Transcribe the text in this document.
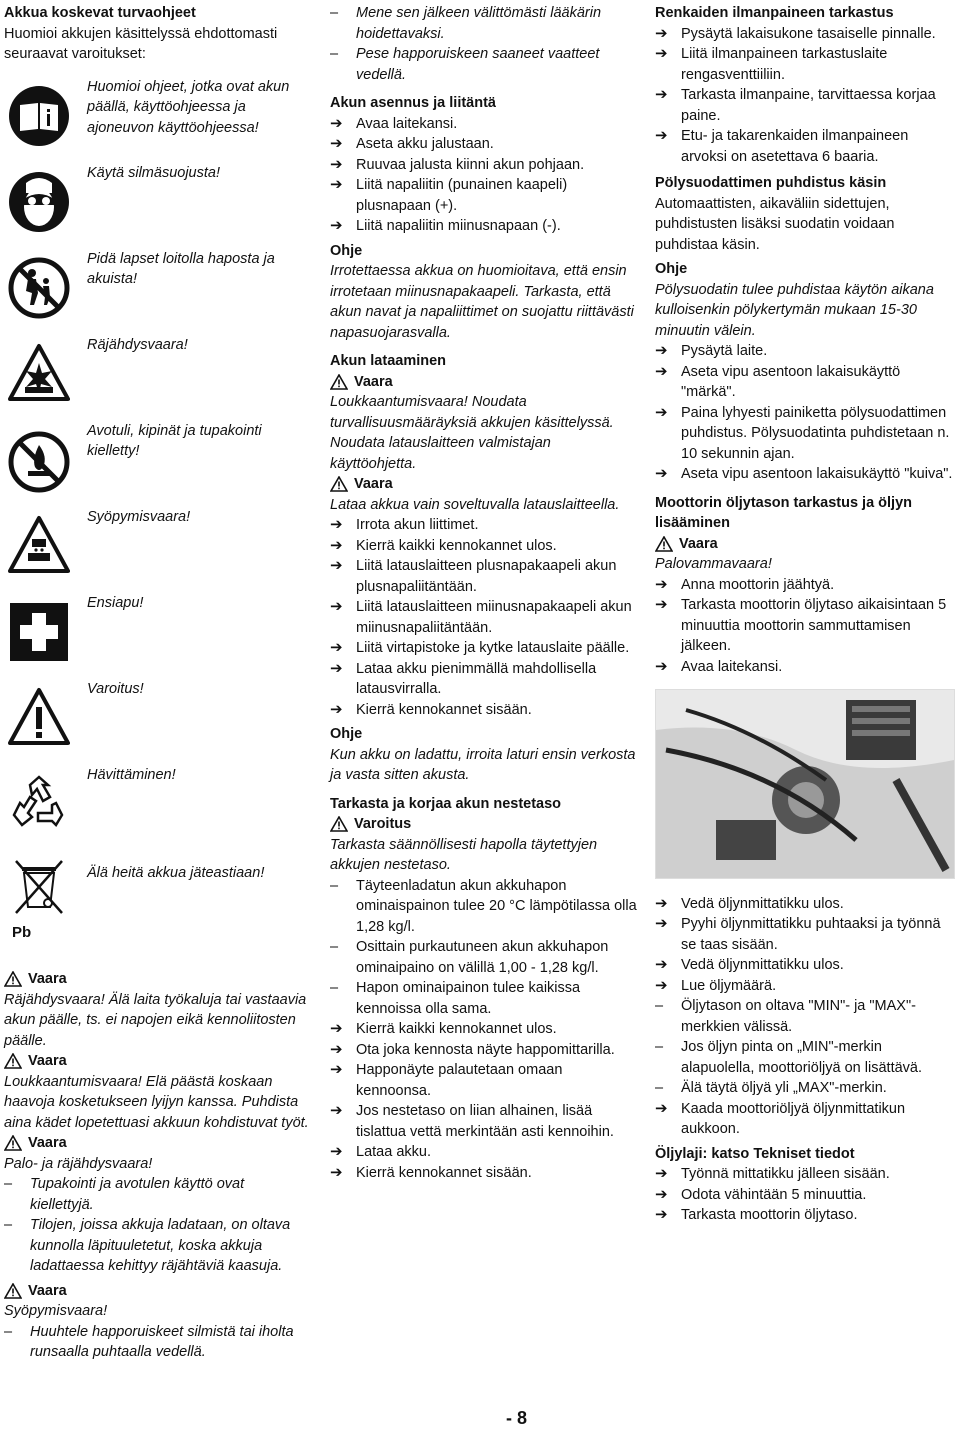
Akkua koskevat turvaohjeet

Huomioi akkujen käsittelyssä ehdottomasti seuraavat varoitukset:

Huomioi ohjeet, jotka ovat akun päällä, käyttöohjeessa ja ajoneuvon käyttöohjeessa!

Käytä silmäsuojusta!

Pidä lapset loitolla haposta ja akuista!

Räjähdysvaara!

Avotuli, kipinät ja tupakointi kielletty!

Syöpymisvaara!

Ensiapu!

Varoitus!

Hävittäminen!

Älä heitä akkua jäteastiaan!

Pb

Vaara

Räjähdysvaara! Älä laita työkaluja tai vastaavia akun päälle, ts. ei napojen eikä kennoliitosten päälle.

Vaara

Loukkaantumisvaara! Elä päästä koskaan haavoja kosketukseen lyijyn kanssa. Puhdista aina kädet lopetettuasi akkuun kohdistuvat työt.

Vaara

Palo- ja räjähdysvaara!

– Tupakointi ja avotulen käyttö ovat kiellettyjä.
– Tilojen, joissa akkuja ladataan, on oltava kunnolla läpituuletetut, koska akkuja ladattaessa kehittyy räjähtäviä kaasuja.

Vaara

Syöpymisvaara!

– Huuhtele happoruiskeet silmistä tai iholta runsaalla puhtaalla vedellä.
– Mene sen jälkeen välittömästi lääkärin hoidettavaksi.
– Pese happoruiskeen saaneet vaatteet vedellä.

Akun asennus ja liitäntä

➔ Avaa laitekansi.
➔ Aseta akku jalustaan.
➔ Ruuvaa jalusta kiinni akun pohjaan.
➔ Liitä napaliitin (punainen kaapeli) plusnapaan (+).
➔ Liitä napaliitin miinusnapaan (-).

Ohje

Irrotettaessa akkua on huomioitava, että ensin irrotetaan miinusnapakaapeli. Tarkasta, että akun navat ja napaliittimet on suojattu riittävästi napasuojarasvalla.

Akun lataaminen

Vaara

Loukkaantumisvaara! Noudata turvallisuusmääräyksiä akkujen käsittelyssä. Noudata latauslaitteen valmistajan käyttöohjetta.

Vaara

Lataa akkua vain soveltuvalla latauslaitteella.

➔ Irrota akun liittimet.
➔ Kierrä kaikki kennokannet ulos.
➔ Liitä latauslaitteen plusnapakaapeli akun plusnapaliitäntään.
➔ Liitä latauslaitteen miinusnapakaapeli akun miinusnapaliitäntään.
➔ Liitä virtapistoke ja kytke latauslaite päälle.
➔ Lataa akku pienimmällä mahdollisella latausvirralla.
➔ Kierrä kennokannet sisään.

Ohje

Kun akku on ladattu, irroita laturi ensin verkosta ja vasta sitten akusta.

Tarkasta ja korjaa akun nestetaso

Varoitus

Tarkasta säännöllisesti hapolla täytettyjen akkujen nestetaso.

– Täyteenladatun akun akkuhapon ominaispainon tulee 20 °C lämpötilassa olla 1,28 kg/l.
– Osittain purkautuneen akun akkuhapon ominaipaino on välillä 1,00 - 1,28 kg/l.
– Hapon ominaipainon tulee kaikissa kennoissa olla sama.
➔ Kierrä kaikki kennokannet ulos.
➔ Ota joka kennosta näyte happomittarilla.
➔ Happonäyte palautetaan omaan kennoonsa.
➔ Jos nestetaso on liian alhainen, lisää tislattua vettä merkintään asti kennoihin.
➔ Lataa akku.
➔ Kierrä kennokannet sisään.

Renkaiden ilmanpaineen tarkastus

➔ Pysäytä lakaisukone tasaiselle pinnalle.
➔ Liitä ilmanpaineen tarkastuslaite rengasventtiiliin.
➔ Tarkasta ilmanpaine, tarvittaessa korjaa paine.
➔ Etu- ja takarenkaiden ilmanpaineen arvoksi on asetettava 6 baaria.

Pölysuodattimen puhdistus käsin

Automaattisten, aikaväliin sidettujen, puhdistusten lisäksi suodatin voidaan puhdistaa käsin.

Ohje

Pölysuodatin tulee puhdistaa käytön aikana kulloisenkin pölykertymän mukaan 15-30 minuutin välein.

➔ Pysäytä laite.
➔ Aseta vipu asentoon lakaisukäyttö "märkä".
➔ Paina lyhyesti painiketta pölysuodattimen puhdistus. Pölysuodatinta puhdistetaan n. 10 sekunnin ajan.
➔ Aseta vipu asentoon lakaisukäyttö "kuiva".

Moottorin öljytason tarkastus ja öljyn lisääminen

Vaara

Palovammavaara!

➔ Anna moottorin jäähtyä.
➔ Tarkasta moottorin öljytaso aikaisintaan 5 minuuttia moottorin sammuttamisen jälkeen.
➔ Avaa laitekansi.
➔ Vedä öljynmittatikku ulos.
➔ Pyyhi öljynmittatikku puhtaaksi ja työnnä se taas sisään.
➔ Vedä öljynmittatikku ulos.
➔ Lue öljymäärä.
– Öljytason on oltava "MIN"- ja "MAX"-merkkien välissä.
– Jos öljyn pinta on „MIN"-merkin alapuolella, moottoriöljyä on lisättävä.
– Älä täytä öljyä yli „MAX"-merkin.
➔ Kaada moottoriöljyä öljynmittatikun aukkoon.

Öljylaji: katso Tekniset tiedot

➔ Työnnä mittatikku jälleen sisään.
➔ Odota vähintään 5 minuuttia.
➔ Tarkasta moottorin öljytaso.
- 8
